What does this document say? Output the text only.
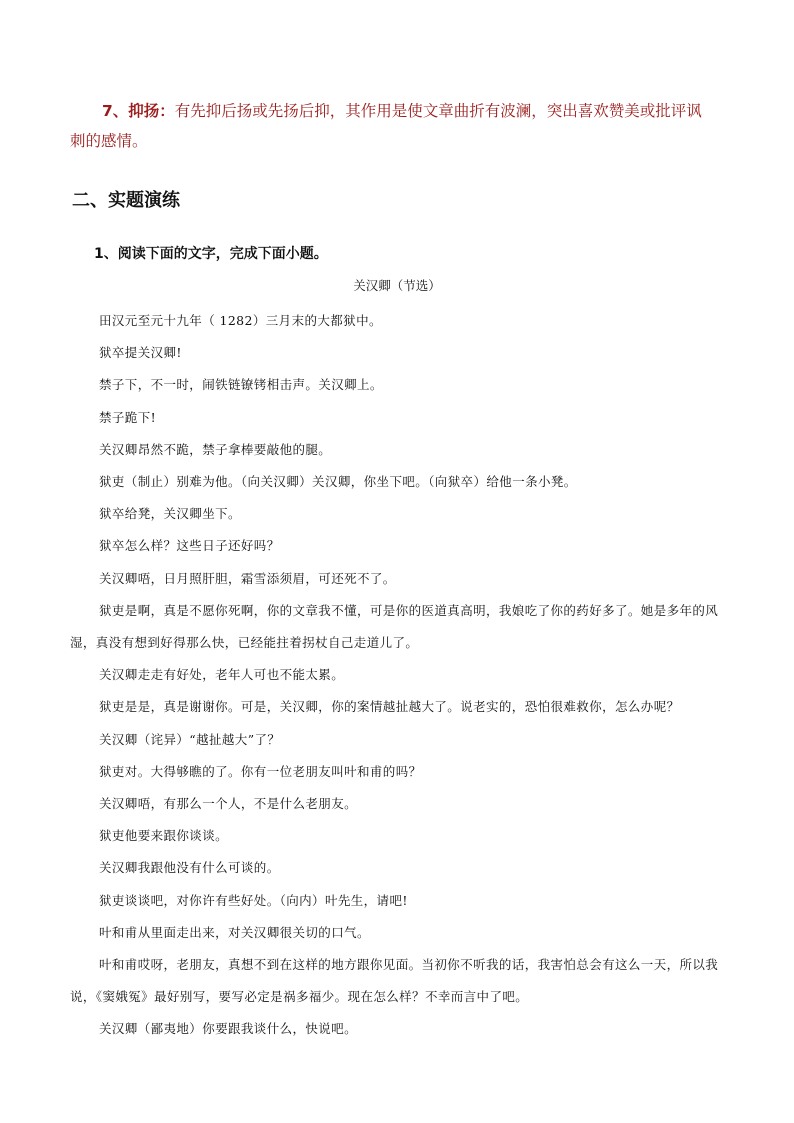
7、抑扬：有先抑后扬或先扬后抑，其作用是使文章曲折有波澜，突出喜欢赞美或批评讽
刺的感情。
二、实题演练
1、阅读下面的文字，完成下面小题。
关汉卿（节选）

田汉元至元十九年（ 1282）三月末的大都狱中。

狱卒提关汉卿!

禁子下，不一时，闹铁链镣铐相击声。关汉卿上。

禁子跪下!

关汉卿昂然不跪，禁子拿棒要敲他的腿。

狱吏（制止）别难为他。（向关汉卿）关汉卿，你坐下吧。（向狱卒）给他一条小凳。

狱卒给凳，关汉卿坐下。

狱卒怎么样？这些日子还好吗？

关汉卿唔，日月照肝胆，霜雪添须眉，可还死不了。

狱吏是啊，真是不愿你死啊，你的文章我不懂，可是你的医道真高明，我娘吃了你的药好多了。她是多年的风湿，真没有想到好得那么快，已经能拄着拐杖自己走道儿了。

关汉卿走走有好处，老年人可也不能太累。

狱吏是是，真是谢谢你。可是，关汉卿，你的案情越扯越大了。说老实的，恐怕很难救你，怎么办呢？

关汉卿（诧异）“越扯越大”了？

狱吏对。大得够瞧的了。你有一位老朋友叫叶和甫的吗？

关汉卿唔，有那么一个人，不是什么老朋友。

狱吏他要来跟你谈谈。

关汉卿我跟他没有什么可谈的。

狱吏谈谈吧，对你许有些好处。（向内）叶先生，请吧!

叶和甫从里面走出来，对关汉卿很关切的口气。

叶和甫哎呀，老朋友，真想不到在这样的地方跟你见面。当初你不听我的话，我害怕总会有这么一天，所以我说，《窦娥冤》最好别写，要写必定是祸多福少。现在怎么样？不幸而言中了吧。

关汉卿（鄙夷地）你要跟我谈什么，快说吧。
